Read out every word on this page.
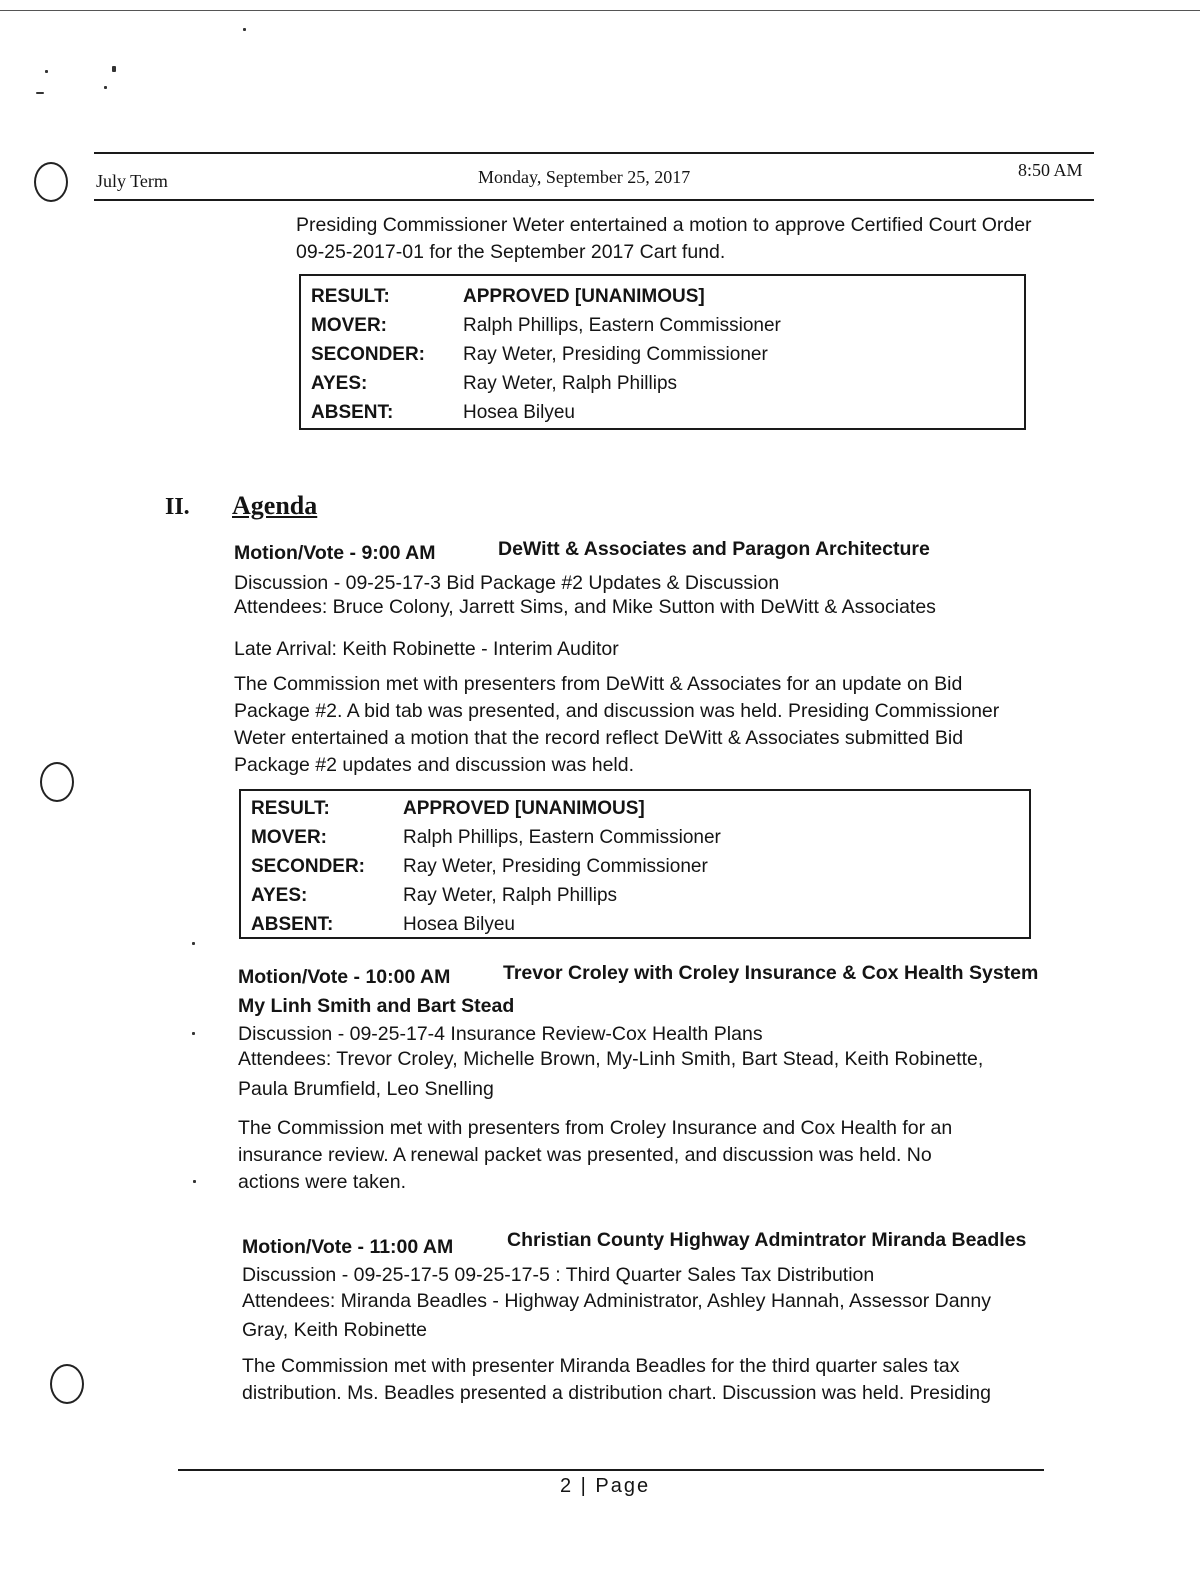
July Term	Monday, September 25, 2017	8:50 AM
Presiding Commissioner Weter entertained a motion to approve Certified Court Order 09-25-2017-01 for the September 2017 Cart fund.
RESULT:	APPROVED [UNANIMOUS]
MOVER:	Ralph Phillips, Eastern Commissioner
SECONDER:	Ray Weter, Presiding Commissioner
AYES:	Ray Weter, Ralph Phillips
ABSENT:	Hosea Bilyeu
II. Agenda
Motion/Vote - 9:00 AM	DeWitt & Associates and Paragon Architecture
Discussion - 09-25-17-3 Bid Package #2 Updates & Discussion
Attendees: Bruce Colony, Jarrett Sims, and Mike Sutton with DeWitt & Associates
Late Arrival: Keith Robinette - Interim Auditor
The Commission met with presenters from DeWitt & Associates for an update on Bid Package #2. A bid tab was presented, and discussion was held. Presiding Commissioner Weter entertained a motion that the record reflect DeWitt & Associates submitted Bid Package #2 updates and discussion was held.
RESULT:	APPROVED [UNANIMOUS]
MOVER:	Ralph Phillips, Eastern Commissioner
SECONDER:	Ray Weter, Presiding Commissioner
AYES:	Ray Weter, Ralph Phillips
ABSENT:	Hosea Bilyeu
Motion/Vote - 10:00 AM	Trevor Croley with Croley Insurance & Cox Health System
My Linh Smith and Bart Stead
Discussion - 09-25-17-4 Insurance Review-Cox Health Plans
Attendees: Trevor Croley, Michelle Brown, My-Linh Smith, Bart Stead, Keith Robinette,
Paula Brumfield, Leo Snelling
The Commission met with presenters from Croley Insurance and Cox Health for an insurance review. A renewal packet was presented, and discussion was held. No actions were taken.
Motion/Vote - 11:00 AM	Christian County Highway Admintrator Miranda Beadles
Discussion - 09-25-17-5 09-25-17-5 : Third Quarter Sales Tax Distribution
Attendees: Miranda Beadles - Highway Administrator, Ashley Hannah, Assessor Danny
Gray, Keith Robinette
The Commission met with presenter Miranda Beadles for the third quarter sales tax distribution. Ms. Beadles presented a distribution chart. Discussion was held. Presiding
2 | Page
